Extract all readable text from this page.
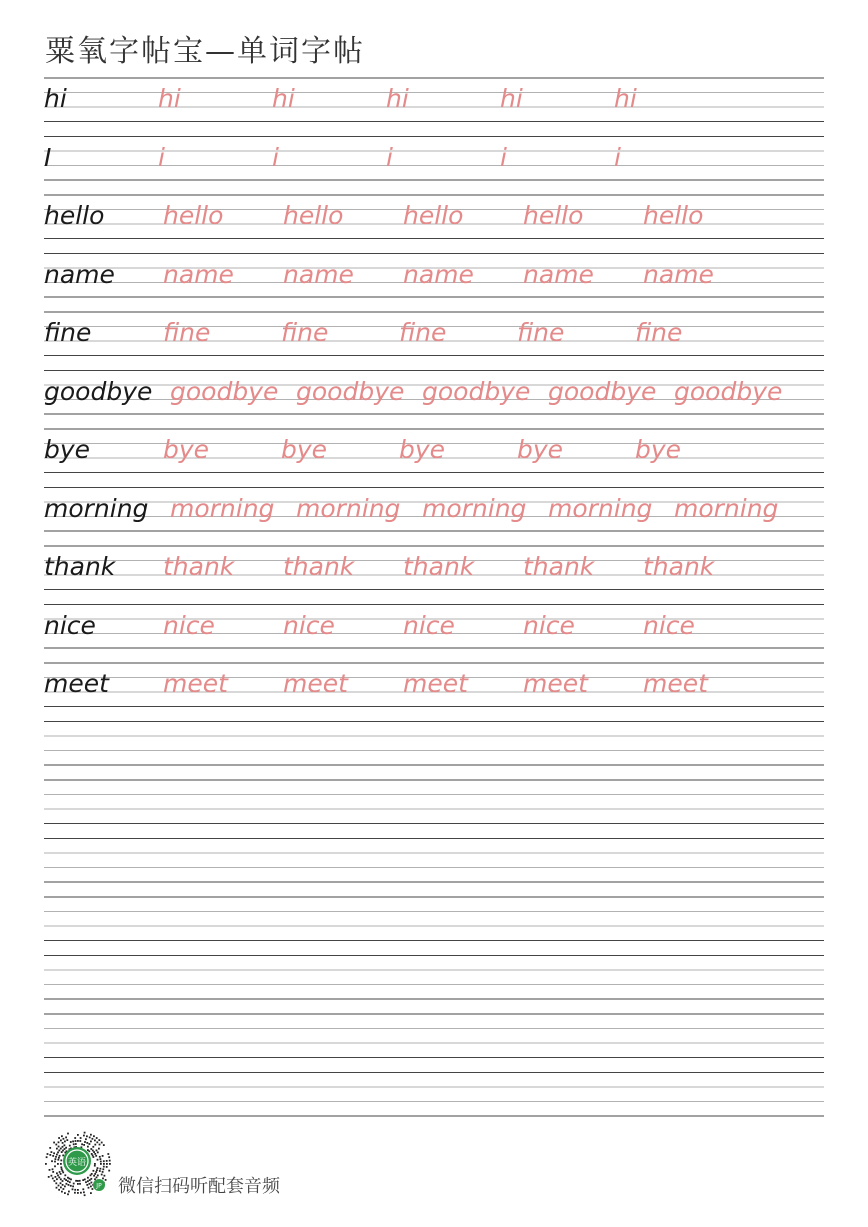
粟氧字帖宝—单词字帖
hi	hi	hi	hi	hi	hi
I	i	i	i	i	i
hello hello hello hello hello hello
name name name name name name
fine	fine	fine	fine	fine	fine
goodbye goodbye goodbye goodbye goodbye goodbye
bye	bye	bye	bye	bye	bye
morning morning morning morning morning morning
thank thank thank thank thank thank
nice	nice	nice	nice	nice	nice
meet meet meet meet meet meet
英语
JP 微信扫码听配套音频
